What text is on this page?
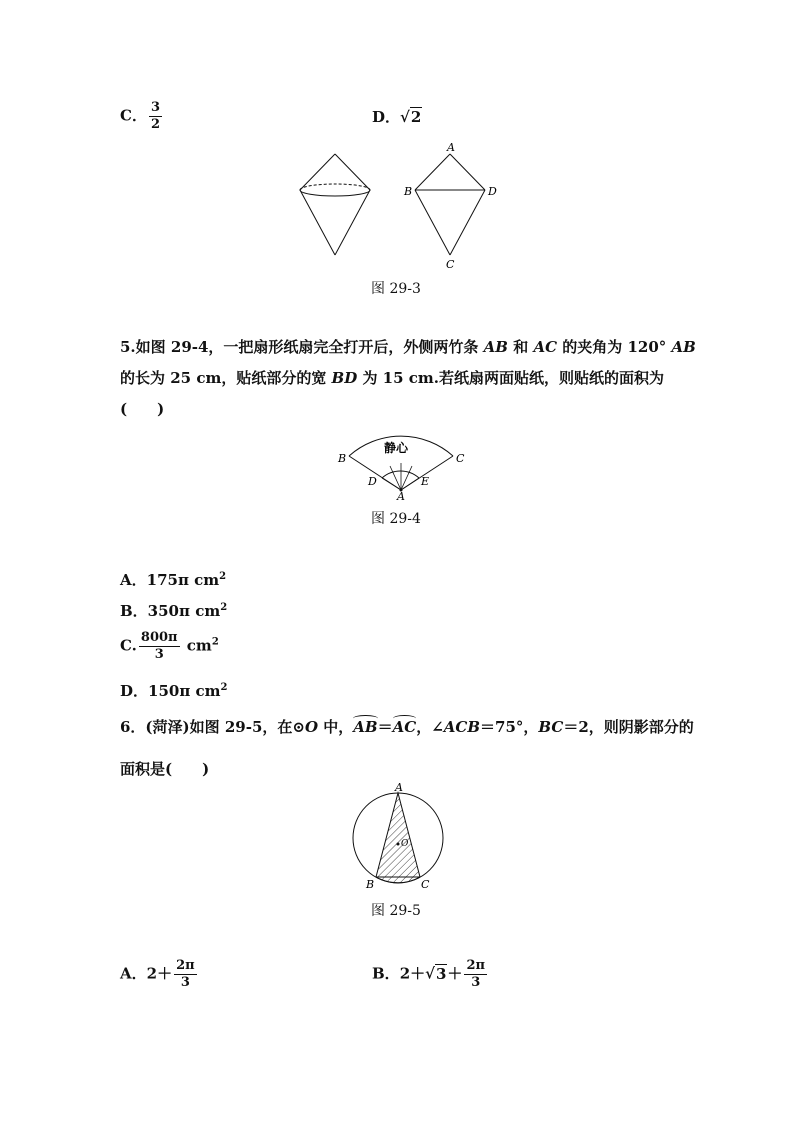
C． $\frac{3}{2}$	D．√2
A
B	D
C
图 29-3
5.如图 29-4，一把扇形纸扇完全打开后，外侧两竹条 AB 和 AC 的夹角为 120° AB
的长为 25 cm，贴纸部分的宽 BD 为 15 cm.若纸扇两面贴纸，则贴纸的面积为
(　　)
静心
B	C
D	E
A
图 29-4
A．175π $cm^2$
B．350π $cm^2$
C. $\frac{800\pi}{3} cm^2$
D．150π $cm^2$
6．(菏泽)如图 29-5，在⊙O 中，
AB＝
AC，∠ACB＝75°，BC＝2，则阴影部分的
面积是(　　)
O
A
B	C
图 29-5
A．$2+ \frac{2\pi}{3}$	B．$2+√3+ \frac{2\pi}{3}$
